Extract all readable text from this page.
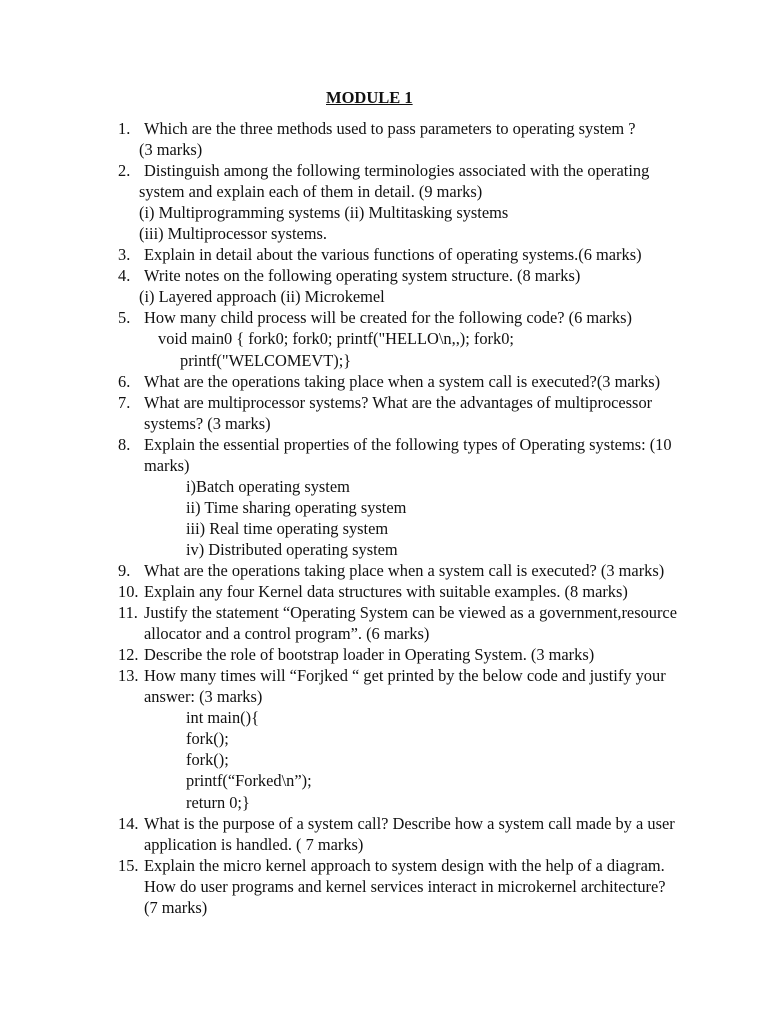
MODULE 1
1. Which are the three methods used to pass parameters to operating system ?
(3 marks)
2. Distinguish among the following terminologies associated with the operating
system and explain each of them in detail. (9 marks)
(i) Multiprogramming systems (ii) Multitasking systems
(iii) Multiprocessor systems.
3. Explain in detail about the various functions of operating systems.(6 marks)
4. Write notes on the following operating system structure. (8 marks)
(i) Layered approach (ii) Microkemel
5. How many child process will be created for the following code? (6 marks)
void main0 { fork0; fork0; printf("HELLO\n,,); fork0;
printf("WELCOMEVT);}
6. What are the operations taking place when a system call is executed?(3 marks)
7. What are multiprocessor systems? What are the advantages of multiprocessor
systems? (3 marks)
8. Explain the essential properties of the following types of Operating systems: (10
marks)
i)Batch operating system
ii) Time sharing operating system
iii) Real time operating system
iv) Distributed operating system
9. What are the operations taking place when a system call is executed? (3 marks)
10. Explain any four Kernel data structures with suitable examples. (8 marks)
11. Justify the statement “Operating System can be viewed as a government,resource
allocator and a control program”. (6 marks)
12. Describe the role of bootstrap loader in Operating System. (3 marks)
13. How many times will “Forjked “ get printed by the below code and justify your
answer: (3 marks)
int main(){
fork();
fork();
printf(“Forked\n”);
return 0;}
14. What is the purpose of a system call? Describe how a system call made by a user
application is handled. ( 7 marks)
15. Explain the micro kernel approach to system design with the help of a diagram.
How do user programs and kernel services interact in microkernel architecture?
(7 marks)
